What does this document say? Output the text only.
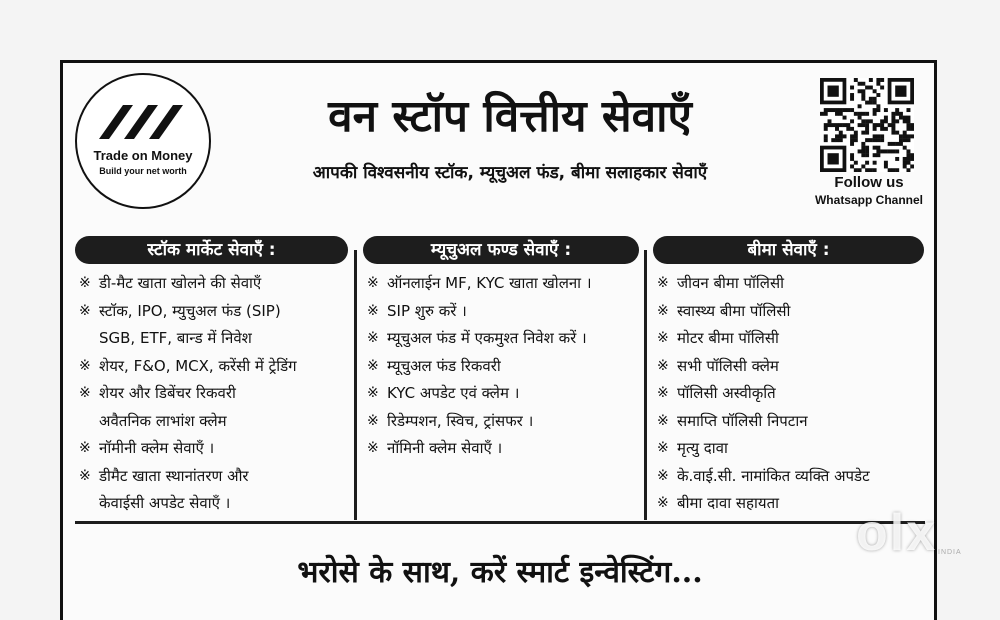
Trade on Money
Build your net worth
वन स्टॉप वित्तीय सेवाएँ
आपकी विश्वसनीय स्टॉक, म्यूचुअल फंड, बीमा सलाहकार सेवाएँ	Follow us
Whatsapp Channel
स्टॉक मार्केट सेवाएँ :
※ डी-मैट खाता खोलने की सेवाएँ
※ स्टॉक, IPO, म्युचुअल फंड (SIP)
SGB, ETF, बान्ड में निवेश
※ शेयर, F&O, MCX, करेंसी में ट्रेडिंग
※ शेयर और डिबेंचर रिकवरी
अवैतनिक लाभांश क्लेम
※ नॉमीनी क्लेम सेवाएँ ।
※ डीमैट खाता स्थानांतरण और
केवाईसी अपडेट सेवाएँ ।
म्यूचुअल फण्ड सेवाएँ :
※ ऑनलाईन MF, KYC खाता खोलना ।
※ SIP शुरु करें ।
※ म्यूचुअल फंड में एकमुश्त निवेश करें ।
※ म्यूचुअल फंड रिकवरी
※ KYC अपडेट एवं क्लेम ।
※ रिडेम्पशन, स्विच, ट्रांसफर ।
※ नॉमिनी क्लेम सेवाएँ ।
बीमा सेवाएँ :
※ जीवन बीमा पॉलिसी
※ स्वास्थ्य बीमा पॉलिसी
※ मोटर बीमा पॉलिसी
※ सभी पॉलिसी क्लेम
※ पॉलिसी अस्वीकृति
※ समाप्ति पॉलिसी निपटान
※ मृत्यु दावा
※ के.वाई.सी. नामांकित व्यक्ति अपडेट
※ बीमा दावा सहायता
भरोसे के साथ, करें स्मार्ट इन्वेस्टिंग...
olx INDIA
